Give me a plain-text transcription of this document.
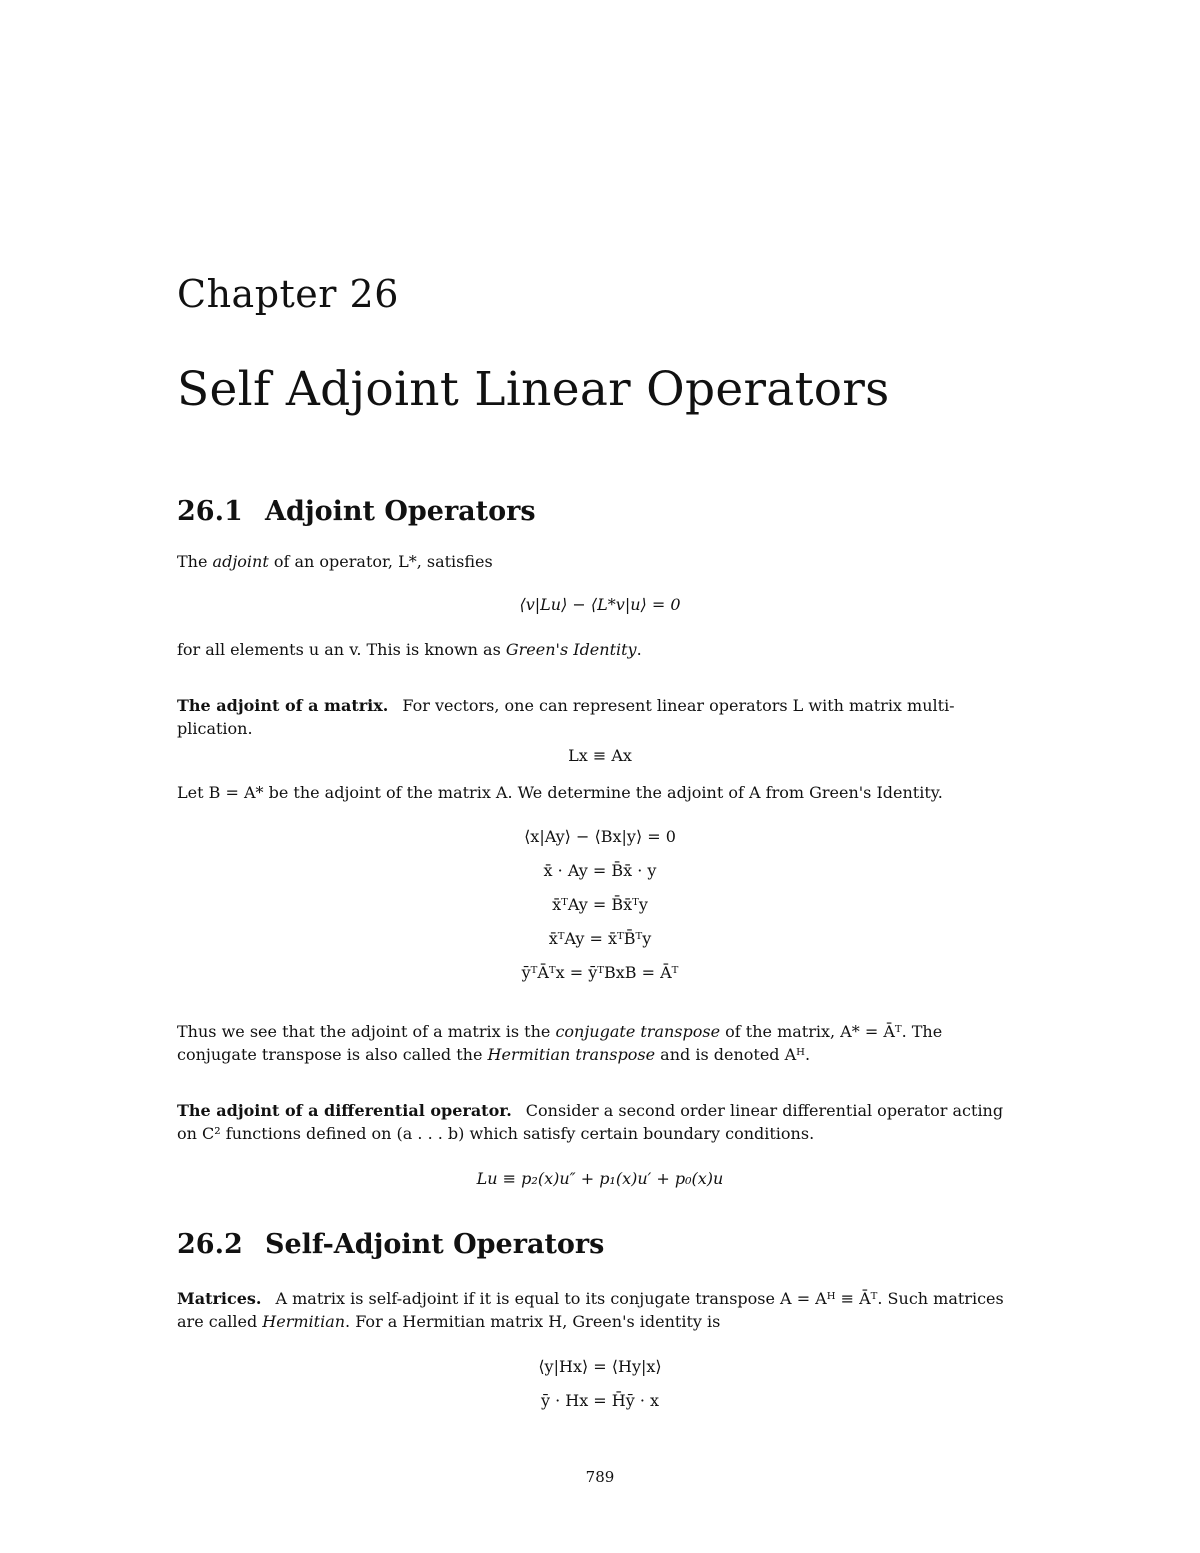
Chapter 26
Self Adjoint Linear Operators
26.1 Adjoint Operators
The adjoint of an operator, L*, satisfies
⟨v|Lu⟩ − ⟨L*v|u⟩ = 0
for all elements u an v. This is known as Green's Identity.
The adjoint of a matrix. For vectors, one can represent linear operators L with matrix multi- plication.
Lx ≡ Ax
Let B = A* be the adjoint of the matrix A. We determine the adjoint of A from Green's Identity.
⟨x|Ay⟩ − ⟨Bx|y⟩ = 0
x̄ · Ay = B̄x̄ · y
x̄ᵀAy = B̄x̄ᵀy
x̄ᵀAy = x̄ᵀB̄ᵀy
ȳᵀĀᵀx = ȳᵀBxB = Āᵀ
Thus we see that the adjoint of a matrix is the conjugate transpose of the matrix, A* = Āᵀ. The conjugate transpose is also called the Hermitian transpose and is denoted Aᴴ.
The adjoint of a differential operator. Consider a second order linear differential operator acting on C² functions defined on (a . . . b) which satisfy certain boundary conditions.
Lu ≡ p₂(x)u″ + p₁(x)u′ + p₀(x)u
26.2 Self-Adjoint Operators
Matrices. A matrix is self-adjoint if it is equal to its conjugate transpose A = Aᴴ ≡ Āᵀ. Such matrices are called Hermitian. For a Hermitian matrix H, Green's identity is
⟨y|Hx⟩ = ⟨Hy|x⟩
ȳ · Hx = H̄ȳ · x
789
